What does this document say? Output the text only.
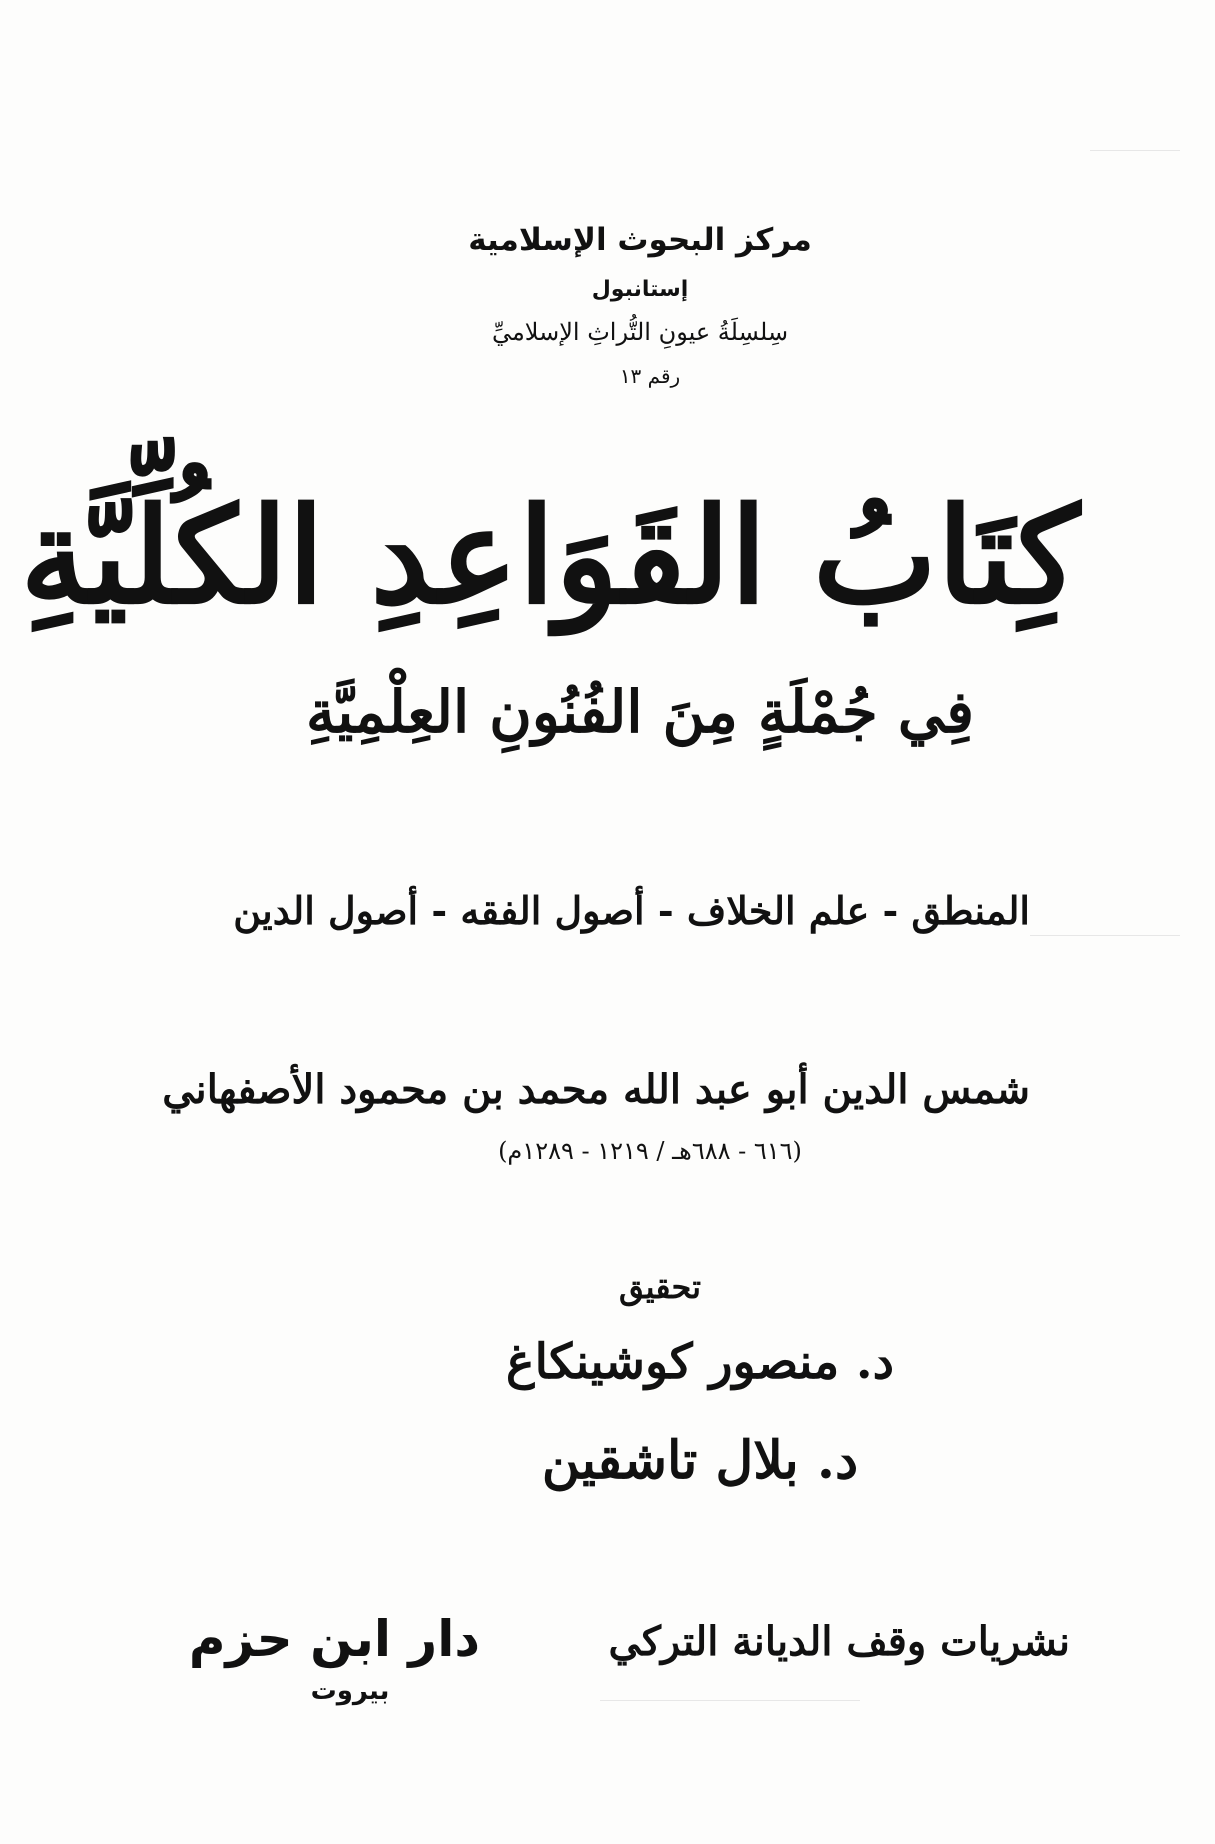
مركز البحوث الإسلامية
إستانبول
سِلسِلَةُ عيونِ التُّراثِ الإسلاميِّ
رقم ١٣
كِتَابُ القَوَاعِدِ الكُلِّيَّةِ
فِي جُمْلَةٍ مِنَ الفُنُونِ العِلْمِيَّةِ
المنطق - علم الخلاف - أصول الفقه - أصول الدين
شمس الدين أبو عبد الله محمد بن محمود الأصفهاني
(٦١٦ - ٦٨٨هـ / ١٢١٩ - ١٢٨٩م)
تحقيق
د. منصور كوشينكاغ
د. بلال تاشقين
دار ابن حزم
بيروت
نشريات وقف الديانة التركي
